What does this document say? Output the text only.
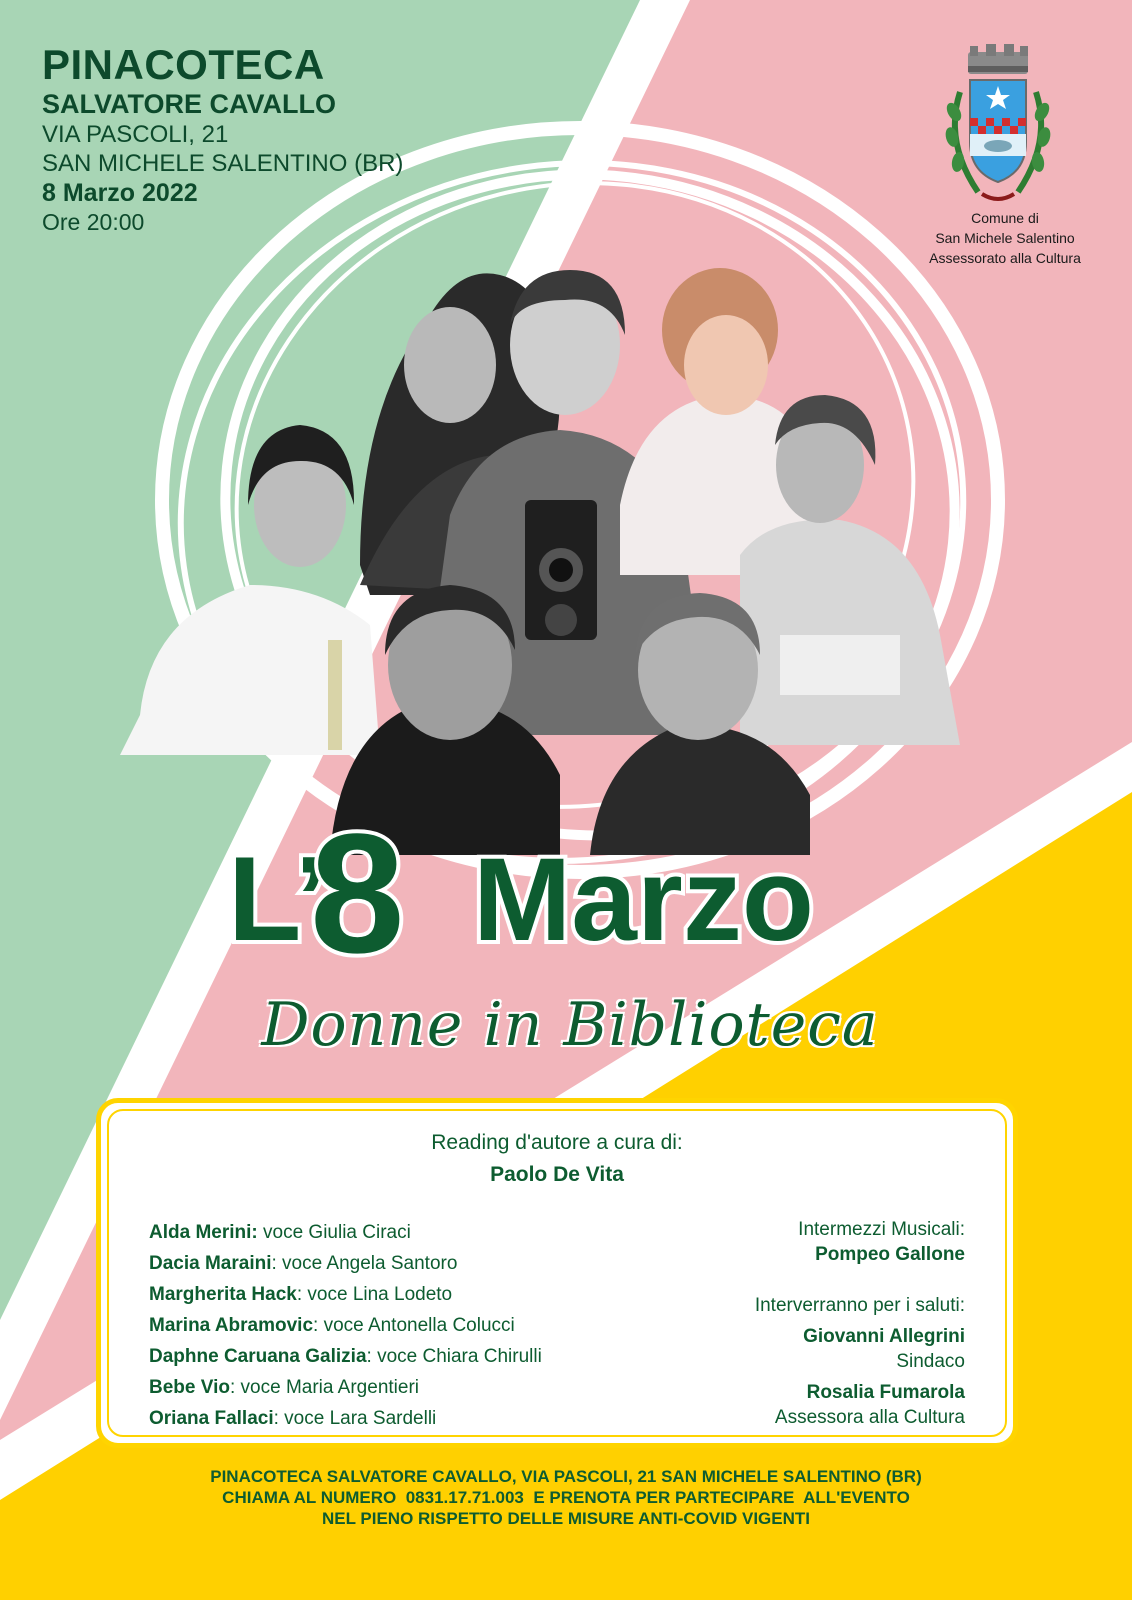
PINACOTECA
SALVATORE CAVALLO
VIA PASCOLI, 21
SAN MICHELE SALENTINO (BR)
8 Marzo 2022
Ore 20:00	Comune di
San Michele Salentino
Assessorato alla Cultura
L’
8 Marzo
Donne in Biblioteca
Reading d'autore a cura di:
Paolo De Vita
Alda Merini: voce Giulia Ciraci
Dacia Maraini: voce Angela Santoro
Margherita Hack: voce Lina Lodeto
Marina Abramovic: voce Antonella Colucci
Daphne Caruana Galizia: voce Chiara Chirulli
Bebe Vio: voce Maria Argentieri
Oriana Fallaci: voce Lara Sardelli
Intermezzi Musicali:
Pompeo Gallone
Interverranno per i saluti:
Giovanni Allegrini
Sindaco
Rosalia Fumarola
Assessora alla Cultura
PINACOTECA SALVATORE CAVALLO, VIA PASCOLI, 21 SAN MICHELE SALENTINO (BR)
CHIAMA AL NUMERO  0831.17.71.003  E PRENOTA PER PARTECIPARE  ALL'EVENTO
NEL PIENO RISPETTO DELLE MISURE ANTI-COVID VIGENTI
